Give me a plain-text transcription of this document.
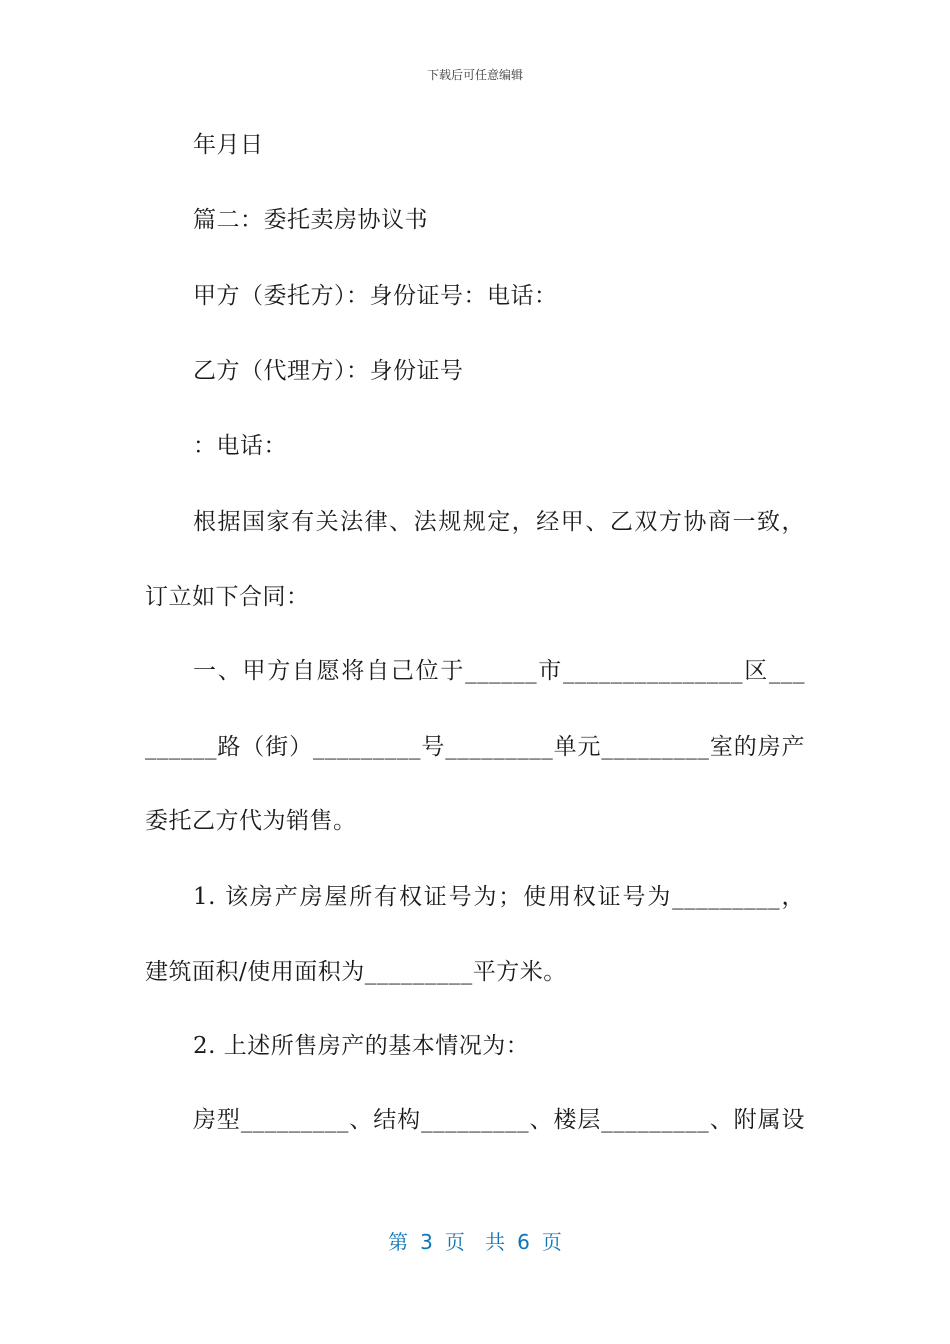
下载后可任意编辑
年月日
篇二：委托卖房协议书
甲方（委托方）：身份证号：电话：
乙方（代理方）：身份证号
：电话：
根据国家有关法律、法规规定，经甲、乙双方协商一致，
订立如下合同：
一、甲方自愿将自己位于______市_______________区___
______路（街）_________号_________单元_________室的房产
委托乙方代为销售。
1. 该房产房屋所有权证号为；使用权证号为_________，
建筑面积/使用面积为_________平方米。
2. 上述所售房产的基本情况为：
房型_________、结构_________、楼层_________、附属设
第 3 页 共 6 页
